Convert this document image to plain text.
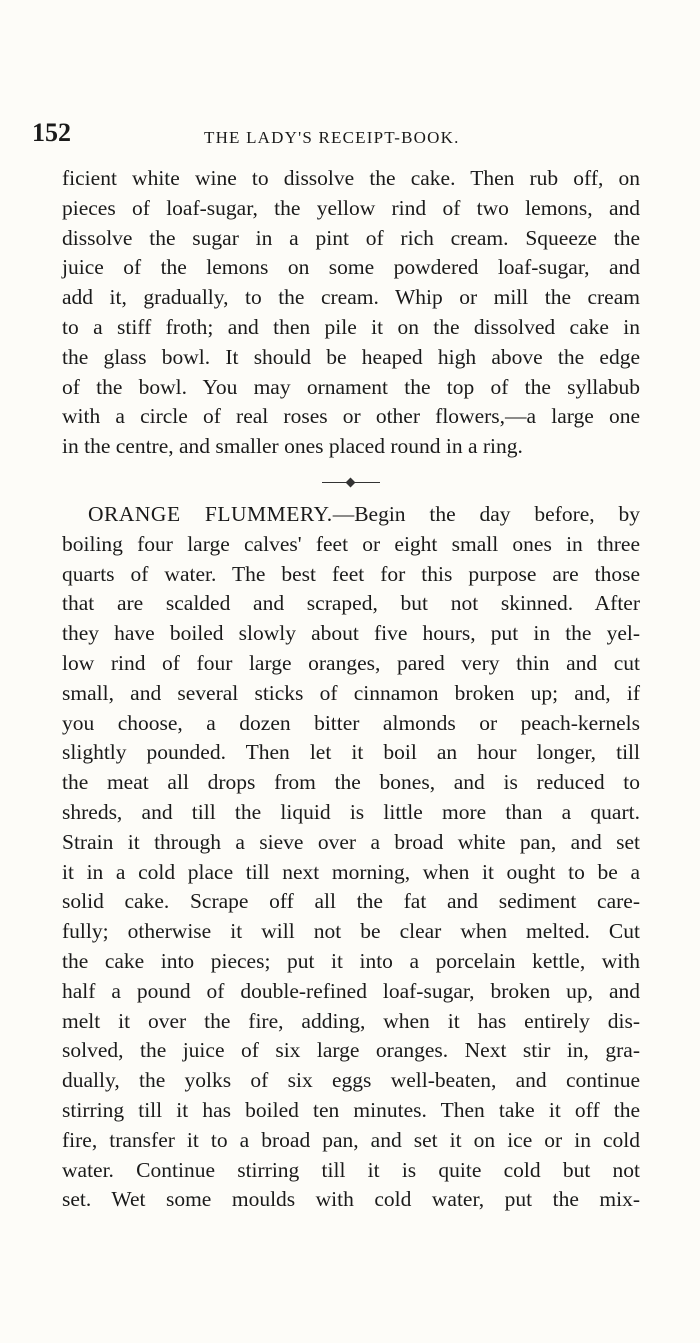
152	THE LADY'S RECEIPT-BOOK.
ficient white wine to dissolve the cake. Then rub off, on
pieces of loaf-sugar, the yellow rind of two lemons, and
dissolve the sugar in a pint of rich cream. Squeeze the
juice of the lemons on some powdered loaf-sugar, and
add it, gradually, to the cream. Whip or mill the cream
to a stiff froth; and then pile it on the dissolved cake in
the glass bowl. It should be heaped high above the edge
of the bowl. You may ornament the top of the syllabub
with a circle of real roses or other flowers,—a large one
in the centre, and smaller ones placed round in a ring.
ORANGE FLUMMERY.—Begin the day before, by
boiling four large calves' feet or eight small ones in three
quarts of water. The best feet for this purpose are those
that are scalded and scraped, but not skinned. After
they have boiled slowly about five hours, put in the yel-
low rind of four large oranges, pared very thin and cut
small, and several sticks of cinnamon broken up; and, if
you choose, a dozen bitter almonds or peach-kernels
slightly pounded. Then let it boil an hour longer, till
the meat all drops from the bones, and is reduced to
shreds, and till the liquid is little more than a quart.
Strain it through a sieve over a broad white pan, and set
it in a cold place till next morning, when it ought to be a
solid cake. Scrape off all the fat and sediment care-
fully; otherwise it will not be clear when melted. Cut
the cake into pieces; put it into a porcelain kettle, with
half a pound of double-refined loaf-sugar, broken up, and
melt it over the fire, adding, when it has entirely dis-
solved, the juice of six large oranges. Next stir in, gra-
dually, the yolks of six eggs well-beaten, and continue
stirring till it has boiled ten minutes. Then take it off the
fire, transfer it to a broad pan, and set it on ice or in cold
water. Continue stirring till it is quite cold but not
set. Wet some moulds with cold water, put the mix-
